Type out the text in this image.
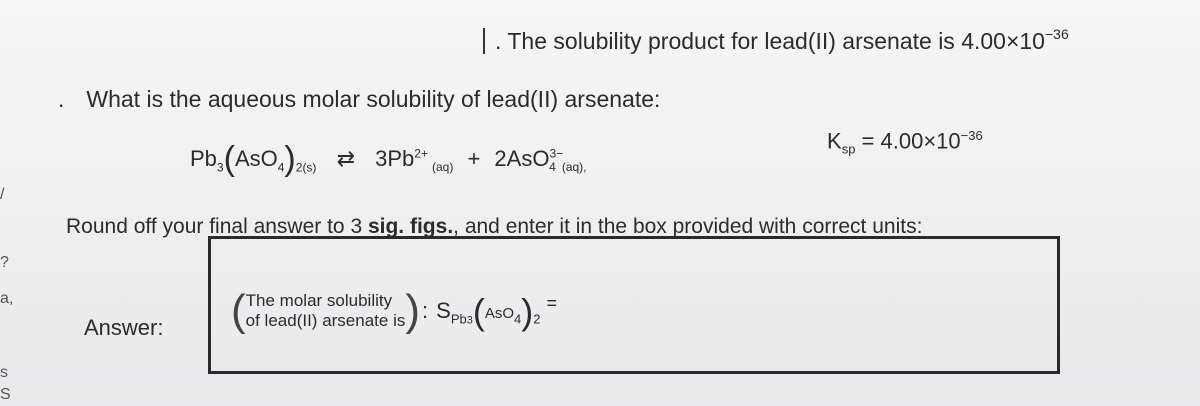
/
?
a,
s
S
. The solubility product for lead(II) arsenate is $4.00\times 10^{-36}$
. What is the aqueous molar solubility of lead(II) arsenate:
$Pb_3(AsO_4)_{2(s)}$ ⇄ $3Pb^{2+}_{(aq)} + 2AsO^{3-}_4$ $_{(aq),}$
$K_{sp} = 4.00\times 10^{-36}$
Round off your final answer to 3 sig. figs., and enter it in the box provided with correct units:
Answer: (The molar solubility
of lead(II) arsenate is): $S_{Pb3}(AsO_4)_2=$
